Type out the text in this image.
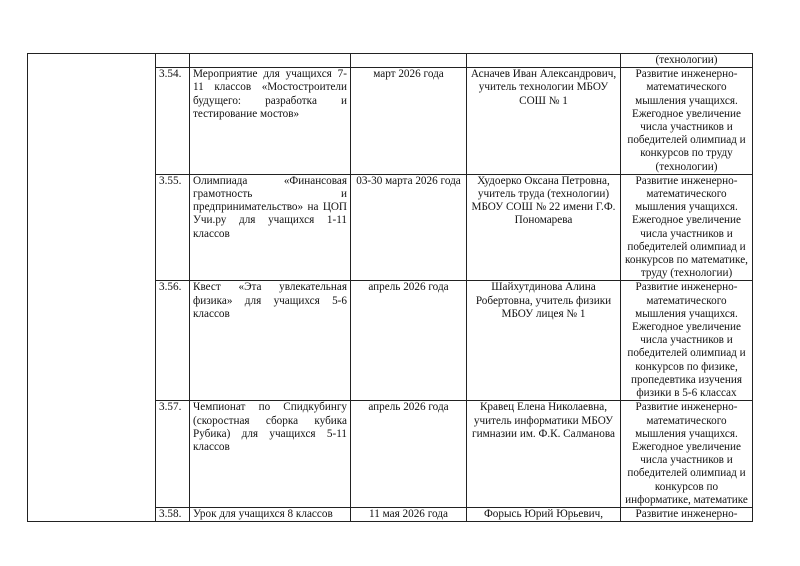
					(технологии)
	3.54.	Мероприятие для учащихся 7-11 классов «Мостостроители будущего: разработка и тестирование мостов»	март 2026 года	Асначев Иван Александрович, учитель технологии МБОУ СОШ № 1	Развитие инженерно-математического мышления учащихся. Ежегодное увеличение числа участников и победителей олимпиад и конкурсов по труду (технологии)
	3.55.	Олимпиада «Финансовая грамотность и предпринимательство» на ЦОП Учи.ру для учащихся 1-11 классов	03-30 марта 2026 года	Худоерко Оксана Петровна, учитель труда (технологии) МБОУ СОШ № 22 имени Г.Ф. Пономарева	Развитие инженерно-математического мышления учащихся. Ежегодное увеличение числа участников и победителей олимпиад и конкурсов по математике, труду (технологии)
	3.56.	Квест «Эта увлекательная физика» для учащихся 5-6 классов	апрель 2026 года	Шайхутдинова Алина Робертовна, учитель физики МБОУ лицея № 1	Развитие инженерно-математического мышления учащихся. Ежегодное увеличение числа участников и победителей олимпиад и конкурсов по физике, пропедевтика изучения физики в 5-6 классах
	3.57.	Чемпионат по Спидкубингу (скоростная сборка кубика Рубика) для учащихся 5-11 классов	апрель 2026 года	Кравец Елена Николаевна, учитель информатики МБОУ гимназии им. Ф.К. Салманова	Развитие инженерно-математического мышления учащихся. Ежегодное увеличение числа участников и победителей олимпиад и конкурсов по информатике, математике
	3.58.	Урок для учащихся 8 классов	11 мая 2026 года	Форысь Юрий Юрьевич,	Развитие инженерно-
